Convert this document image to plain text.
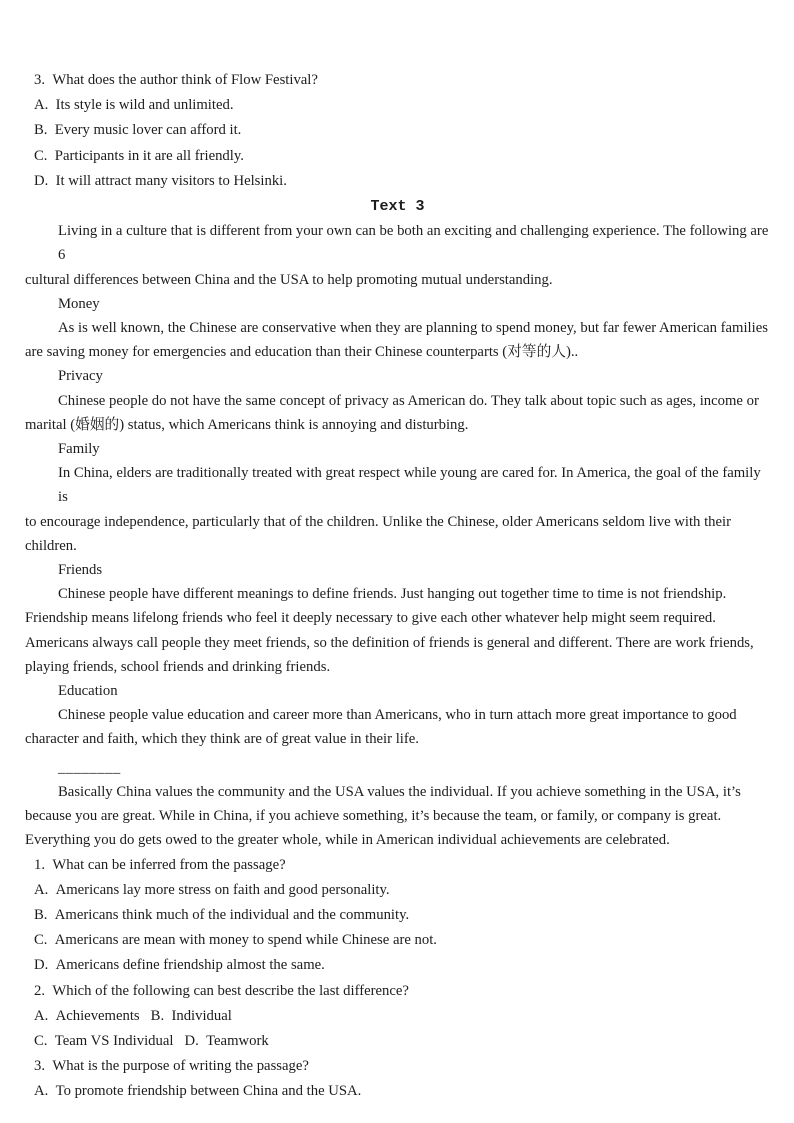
3. What does the author think of Flow Festival?
A. Its style is wild and unlimited.
B. Every music lover can afford it.
C. Participants in it are all friendly.
D. It will attract many visitors to Helsinki.
Text 3
Living in a culture that is different from your own can be both an exciting and challenging experience. The following are 6
cultural differences between China and the USA to help promoting mutual understanding.
Money
As is well known, the Chinese are conservative when they are planning to spend money, but far fewer American families
are saving money for emergencies and education than their Chinese counterparts (对等的人)..
Privacy
Chinese people do not have the same concept of privacy as American do. They talk about topic such as ages, income or
marital (婚姻的) status, which Americans think is annoying and disturbing.
Family
In China, elders are traditionally treated with great respect while young are cared for. In America, the goal of the family is
to encourage independence, particularly that of the children. Unlike the Chinese, older Americans seldom live with their
children.
Friends
Chinese people have different meanings to define friends. Just hanging out together time to time is not friendship.
Friendship means lifelong friends who feel it deeply necessary to give each other whatever help might seem required.
Americans always call people they meet friends, so the definition of friends is general and different. There are work friends,
playing friends, school friends and drinking friends.
Education
Chinese people value education and career more than Americans, who in turn attach more great importance to good
character and faith, which they think are of great value in their life.
________
Basically China values the community and the USA values the individual. If you achieve something in the USA, it’s
because you are great. While in China, if you achieve something, it’s because the team, or family, or company is great.
Everything you do gets owed to the greater whole, while in American individual achievements are celebrated.
1. What can be inferred from the passage?
A. Americans lay more stress on faith and good personality.
B. Americans think much of the individual and the community.
C. Americans are mean with money to spend while Chinese are not.
D. Americans define friendship almost the same.
2. Which of the following can best describe the last difference?
A. Achievements   B. Individual
C. Team VS Individual   D. Teamwork
3. What is the purpose of writing the passage?
A. To promote friendship between China and the USA. 
